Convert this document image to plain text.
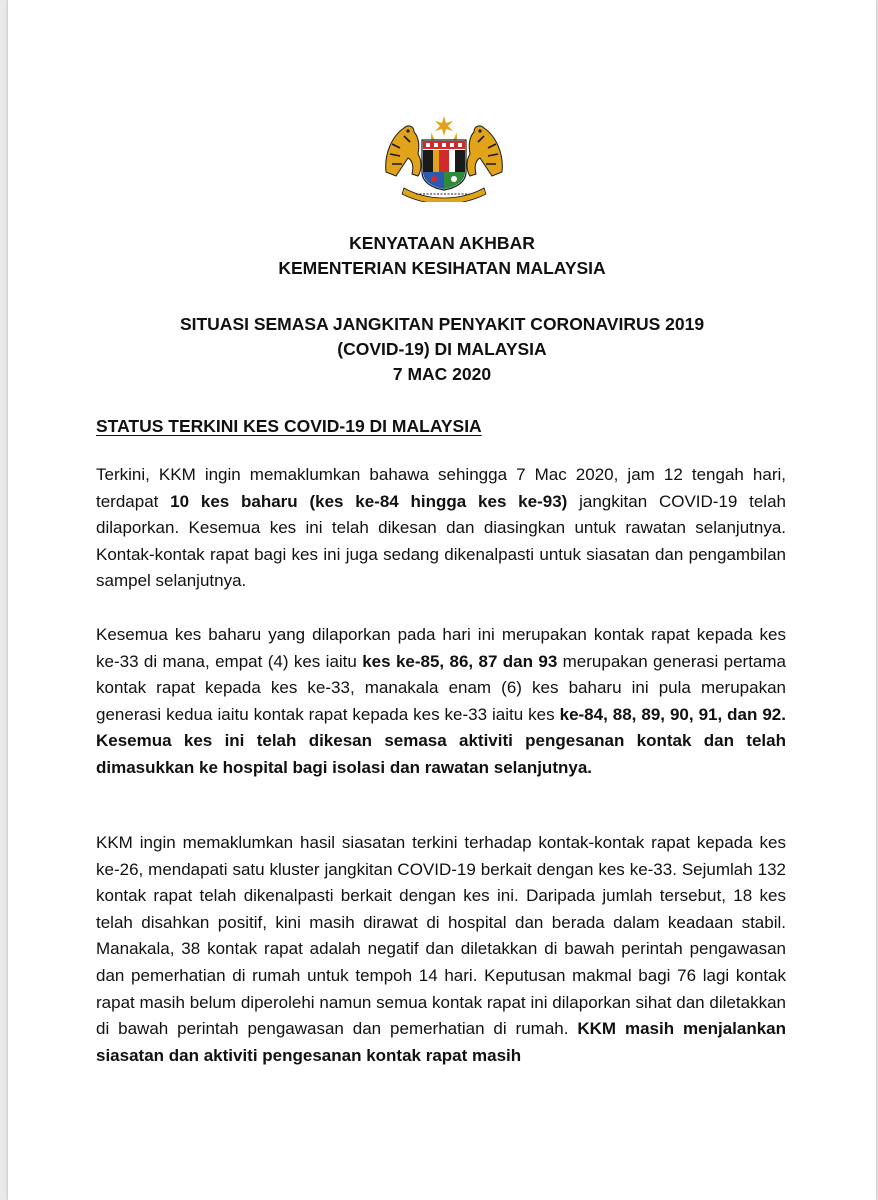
KENYATAAN AKHBAR
KEMENTERIAN KESIHATAN MALAYSIA
SITUASI SEMASA JANGKITAN PENYAKIT CORONAVIRUS 2019
(COVID-19) DI MALAYSIA
7 MAC 2020
STATUS TERKINI KES COVID-19 DI MALAYSIA

Terkini, KKM ingin memaklumkan bahawa sehingga 7 Mac 2020, jam 12 tengah hari, terdapat 10 kes baharu (kes ke-84 hingga kes ke-93) jangkitan COVID-19 telah dilaporkan. Kesemua kes ini telah dikesan dan diasingkan untuk rawatan selanjutnya. Kontak-kontak rapat bagi kes ini juga sedang dikenalpasti untuk siasatan dan pengambilan sampel selanjutnya.

Kesemua kes baharu yang dilaporkan pada hari ini merupakan kontak rapat kepada kes ke-33 di mana, empat (4) kes iaitu kes ke-85, 86, 87 dan 93 merupakan generasi pertama kontak rapat kepada kes ke-33, manakala enam (6) kes baharu ini pula merupakan generasi kedua iaitu kontak rapat kepada kes ke-33 iaitu kes ke-84, 88, 89, 90, 91, dan 92. Kesemua kes ini telah dikesan semasa aktiviti pengesanan kontak dan telah dimasukkan ke hospital bagi isolasi dan rawatan selanjutnya.

KKM ingin memaklumkan hasil siasatan terkini terhadap kontak-kontak rapat kepada kes ke-26, mendapati satu kluster jangkitan COVID-19 berkait dengan kes ke-33. Sejumlah 132 kontak rapat telah dikenalpasti berkait dengan kes ini. Daripada jumlah tersebut, 18 kes telah disahkan positif, kini masih dirawat di hospital dan berada dalam keadaan stabil. Manakala, 38 kontak rapat adalah negatif dan diletakkan di bawah perintah pengawasan dan pemerhatian di rumah untuk tempoh 14 hari. Keputusan makmal bagi 76 lagi kontak rapat masih belum diperolehi namun semua kontak rapat ini dilaporkan sihat dan diletakkan di bawah perintah pengawasan dan pemerhatian di rumah. KKM masih menjalankan siasatan dan aktiviti pengesanan kontak rapat masih
